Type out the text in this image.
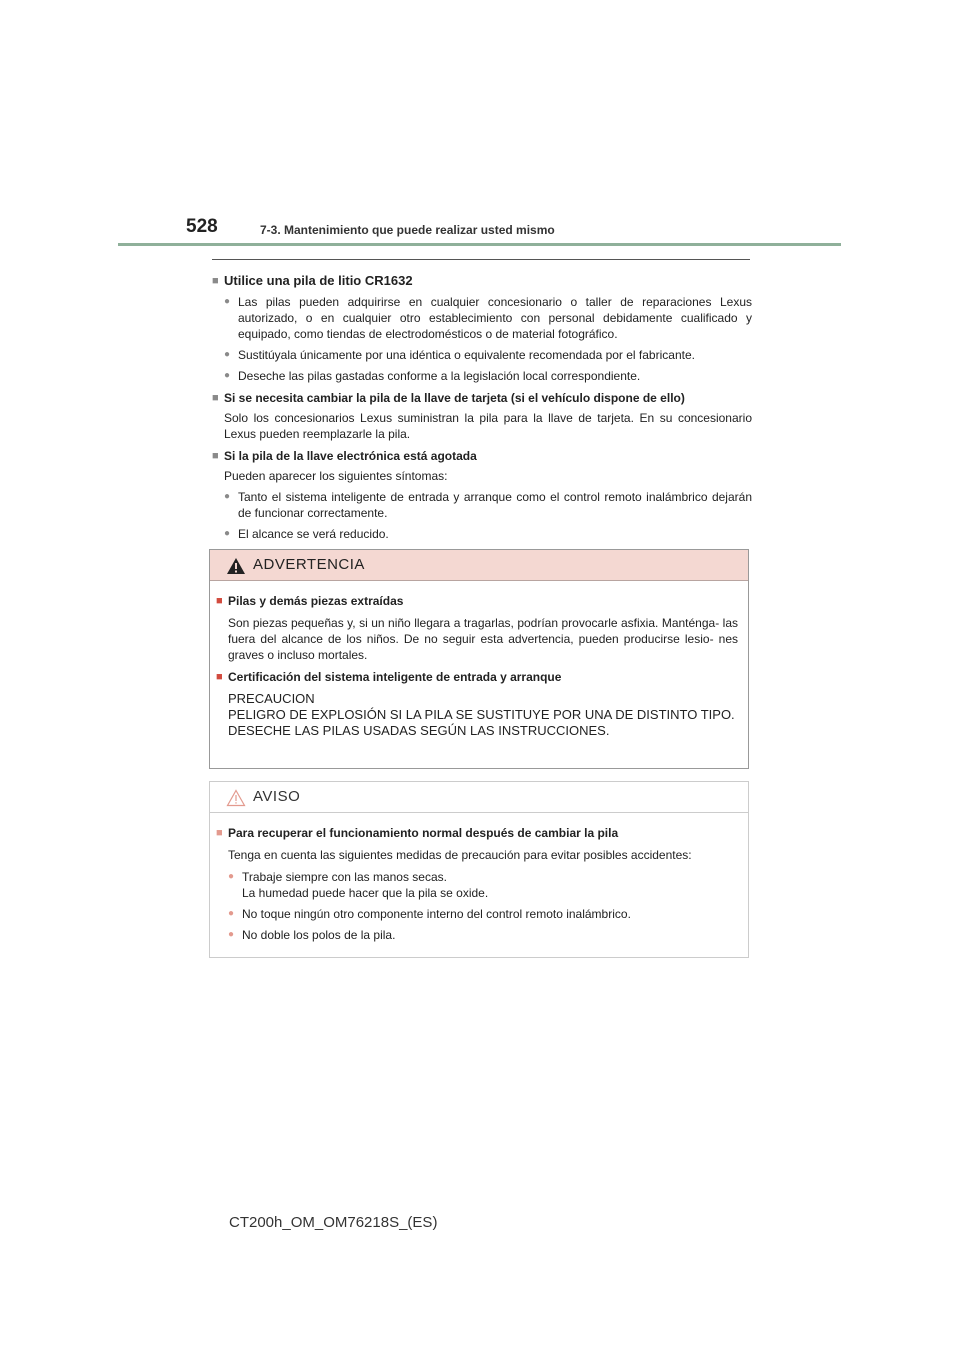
528	7-3. Mantenimiento que puede realizar usted mismo
■ Utilice una pila de litio CR1632
● Las pilas pueden adquirirse en cualquier concesionario o taller de reparaciones Lexus autorizado, o en cualquier otro establecimiento con personal debidamente cualificado y equipado, como tiendas de electrodomésticos o de material fotográfico.
● Sustitúyala únicamente por una idéntica o equivalente recomendada por el fabricante.
● Deseche las pilas gastadas conforme a la legislación local correspondiente.
■ Si se necesita cambiar la pila de la llave de tarjeta (si el vehículo dispone de ello)
Solo los concesionarios Lexus suministran la pila para la llave de tarjeta. En su concesionario Lexus pueden reemplazarle la pila.
■ Si la pila de la llave electrónica está agotada
Pueden aparecer los siguientes síntomas:
● Tanto el sistema inteligente de entrada y arranque como el control remoto inalámbrico dejarán de funcionar correctamente.
● El alcance se verá reducido.
ADVERTENCIA
■ Pilas y demás piezas extraídas
Son piezas pequeñas y, si un niño llegara a tragarlas, podrían provocarle asfixia. Manténga- las fuera del alcance de los niños. De no seguir esta advertencia, pueden producirse lesio- nes graves o incluso mortales.
■ Certificación del sistema inteligente de entrada y arranque
PRECAUCION
PELIGRO DE EXPLOSIÓN SI LA PILA SE SUSTITUYE POR UNA DE DISTINTO TIPO.
DESECHE LAS PILAS USADAS SEGÚN LAS INSTRUCCIONES.
AVISO
■ Para recuperar el funcionamiento normal después de cambiar la pila
Tenga en cuenta las siguientes medidas de precaución para evitar posibles accidentes:
● Trabaje siempre con las manos secas.
La humedad puede hacer que la pila se oxide.
● No toque ningún otro componente interno del control remoto inalámbrico.
● No doble los polos de la pila.
CT200h_OM_OM76218S_(ES)
